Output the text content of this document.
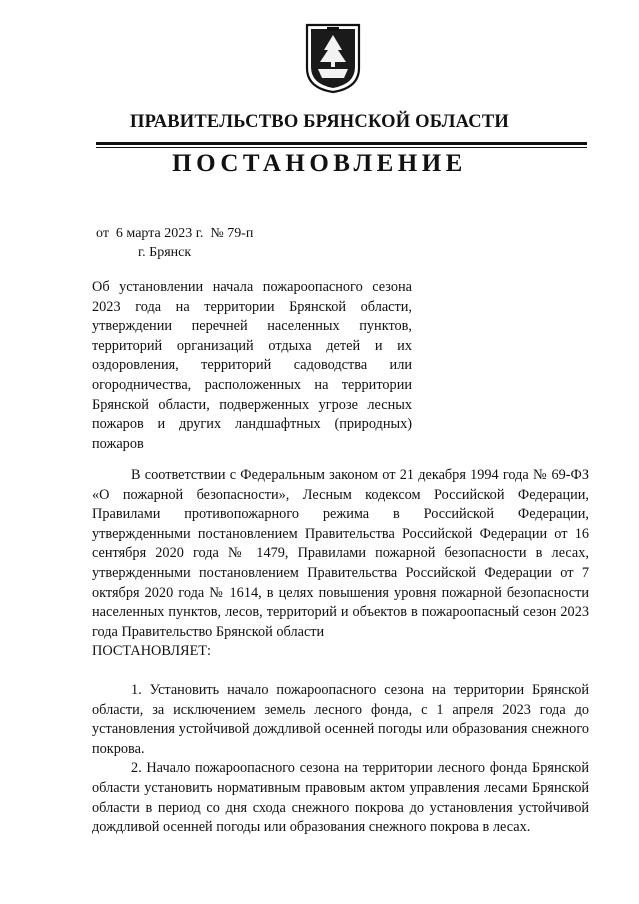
ПРАВИТЕЛЬСТВО БРЯНСКОЙ ОБЛАСТИ
ПОСТАНОВЛЕНИЕ
от  6 марта 2023 г.  № 79-п
г. Брянск
Об установлении начала пожароопасного сезона 2023 года на территории Брянской области, утверждении перечней населенных пунктов, территорий организаций отдыха детей и их оздоровления, территорий садоводства или огородничества, расположенных на территории Брянской области, подверженных угрозе лесных пожаров и других ландшафтных (природных) пожаров

В соответствии с Федеральным законом от 21 декабря 1994 года № 69-ФЗ «О пожарной безопасности», Лесным кодексом Российской Федерации, Правилами противопожарного режима в Российской Федерации, утвержденными постановлением Правительства Российской Федерации от 16 сентября 2020 года № 1479, Правилами пожарной безопасности в лесах, утвержденными постановлением Правительства Российской Федерации от 7 октября 2020 года № 1614, в целях повышения уровня пожарной безопасности населенных пунктов, лесов, территорий и объектов в пожароопасный сезон 2023 года Правительство Брянской области

ПОСТАНОВЛЯЕТ:

1. Установить начало пожароопасного сезона на территории Брянской области, за исключением земель лесного фонда, с 1 апреля 2023 года до установления устойчивой дождливой осенней погоды или образования снежного покрова.

2. Начало пожароопасного сезона на территории лесного фонда Брянской области установить нормативным правовым актом управления лесами Брянской области в период со дня схода снежного покрова до установления устойчивой дождливой осенней погоды или образования снежного покрова в лесах.
